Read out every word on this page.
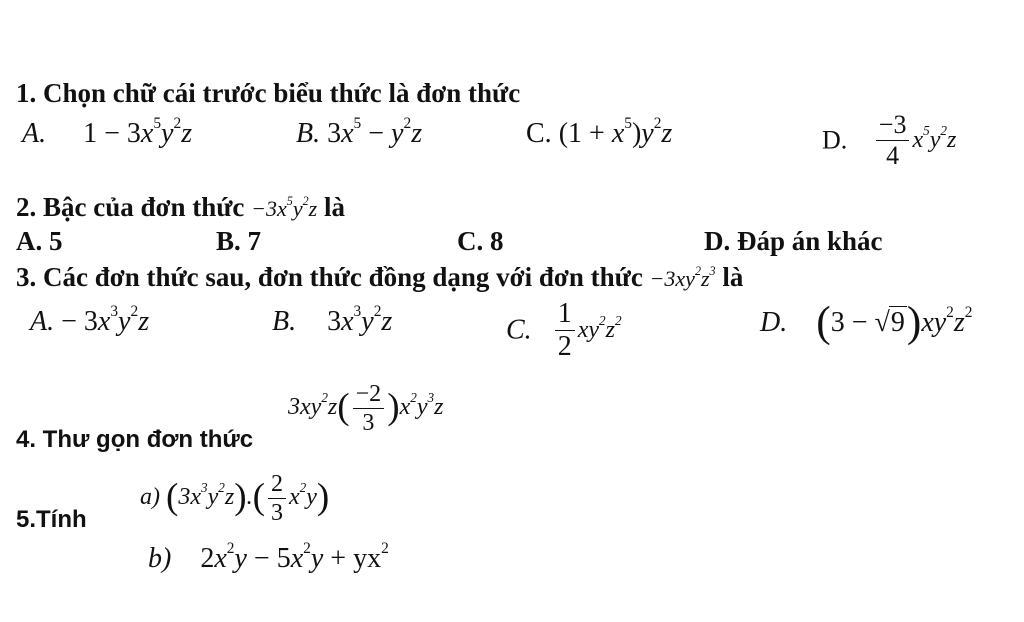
1. Chọn chữ cái trước biểu thức là đơn thức
A. $1 - 3x^5y^2z$	B. $3x^5 - y^2z$	C. $(1 + x^5)y^2z$	D. $\frac{-3}{4} x^5y^2z$
2. Bậc của đơn thức $-3x^5y^2z$ là
A. 5	B. 7	C. 8	D. Đáp án khác
3. Các đơn thức sau, đơn thức đồng dạng với đơn thức $-3xy^2z^3$ là
A. − $3x^3y^2z$	B. $3x^3y^2z$	C. $\frac{1}{2} xy^2z^2$	D. $(3 - √9)xy^2z^2$
4. Thư gọn đơn thức
$3xy^2z( \frac{-2}{3} )x^2y^3z$
5.Tính
a) $(3x^3y^2z).( \frac{2}{3} x^2y)$
b) $2x^2y - 5x^2y + yx^2$
